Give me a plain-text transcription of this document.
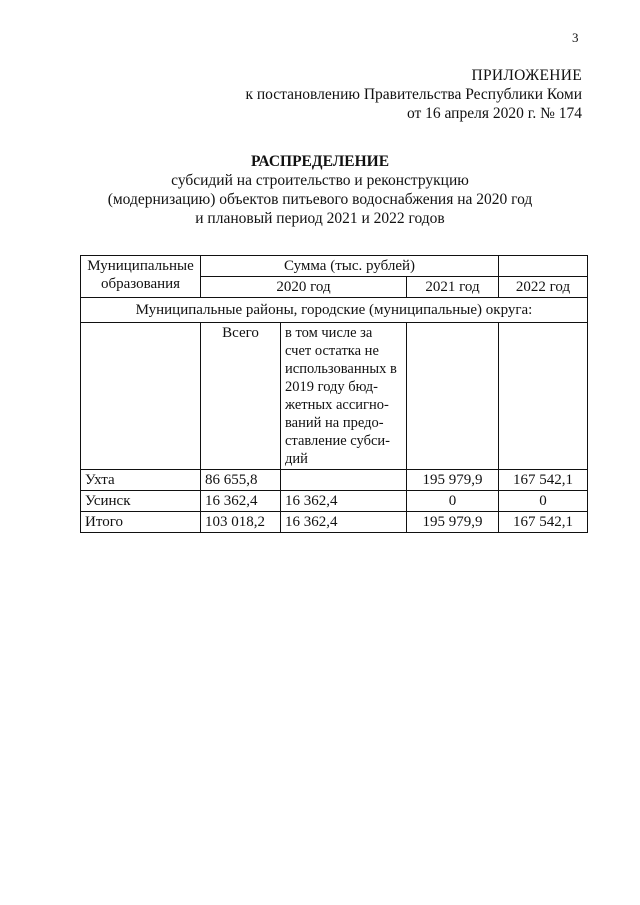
3
ПРИЛОЖЕНИЕ
к постановлению Правительства Республики Коми
от 16 апреля 2020 г. № 174
РАСПРЕДЕЛЕНИЕ
субсидий на строительство и реконструкцию
(модернизацию) объектов питьевого водоснабжения на 2020 год
и плановый период 2021 и 2022 годов
Муниципальные
образования	Сумма (тыс. рублей)			
	2020 год		2021 год	2022 год
Муниципальные районы, городские (муниципальные) округа:				
	Всего	в том числе за счет остатка не использованных в 2019 году бюд-жетных ассигно-ваний на предо-ставление субси-дий		
Ухта	86 655,8		195 979,9	167 542,1
Усинск	16 362,4	16 362,4	0	0
Итого	103 018,2	16 362,4	195 979,9	167 542,1
